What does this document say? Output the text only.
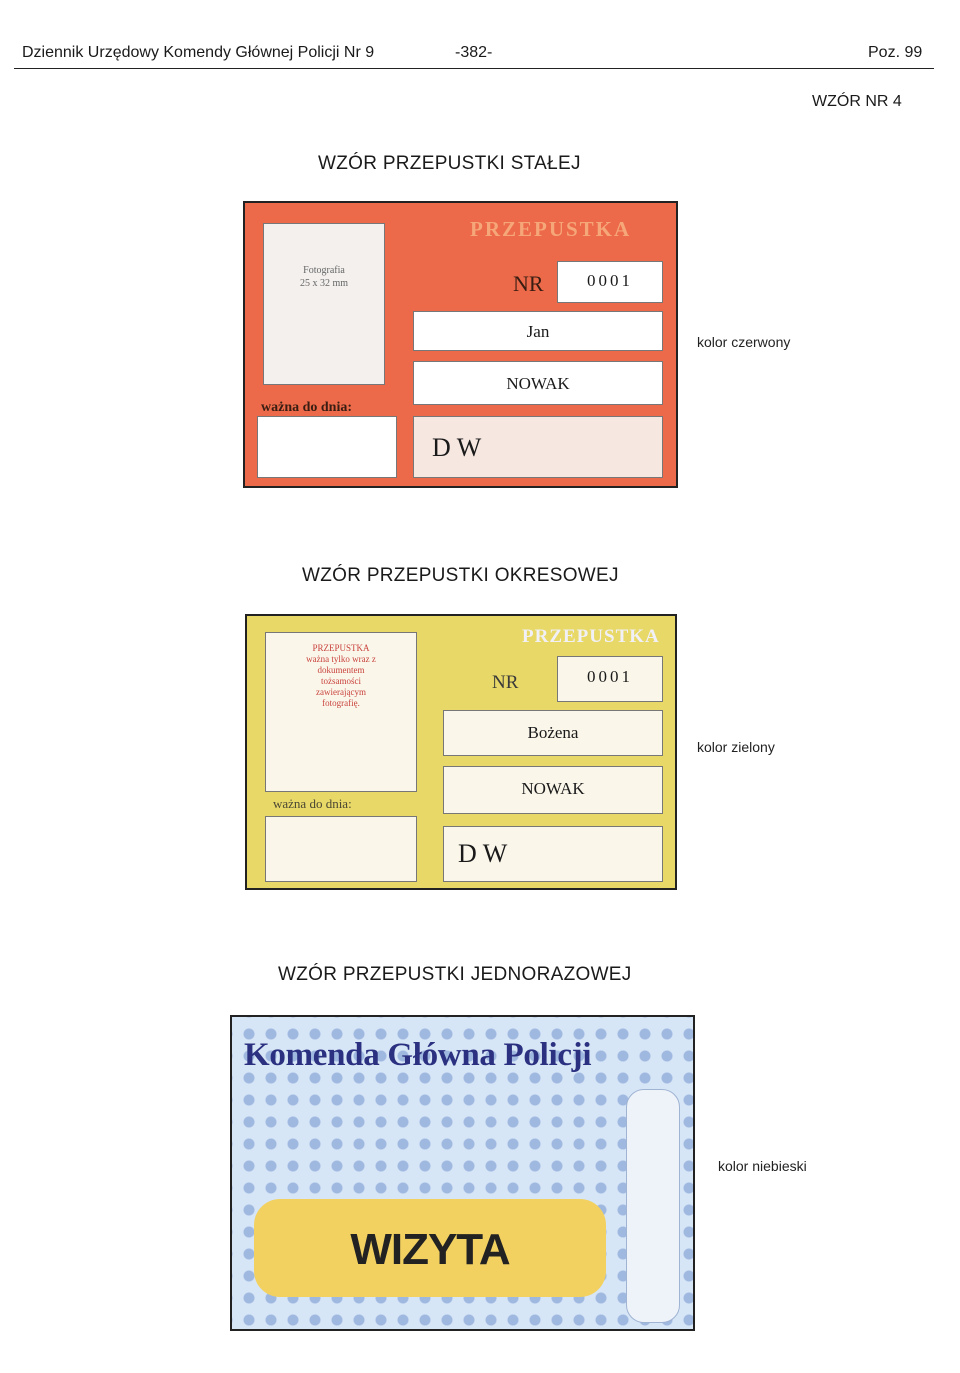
Dziennik Urzędowy Komendy Głównej Policji Nr 9	-382-	Poz. 99
WZÓR NR 4
WZÓR PRZEPUSTKI STAŁEJ
Fotografia
25 x 32 mm
PRZEPUSTKA
NR	0001
Jan
NOWAK
ważna do dnia:
D W
kolor czerwony
WZÓR PRZEPUSTKI OKRESOWEJ
PRZEPUSTKA
ważna tylko wraz z
dokumentem
tożsamości
zawierającym
fotografię.
PRZEPUSTKA
NR	0001
Bożena
NOWAK
ważna do dnia:
D W
kolor zielony
WZÓR PRZEPUSTKI JEDNORAZOWEJ
Komenda Główna Policji
WIZYTA
kolor niebieski
